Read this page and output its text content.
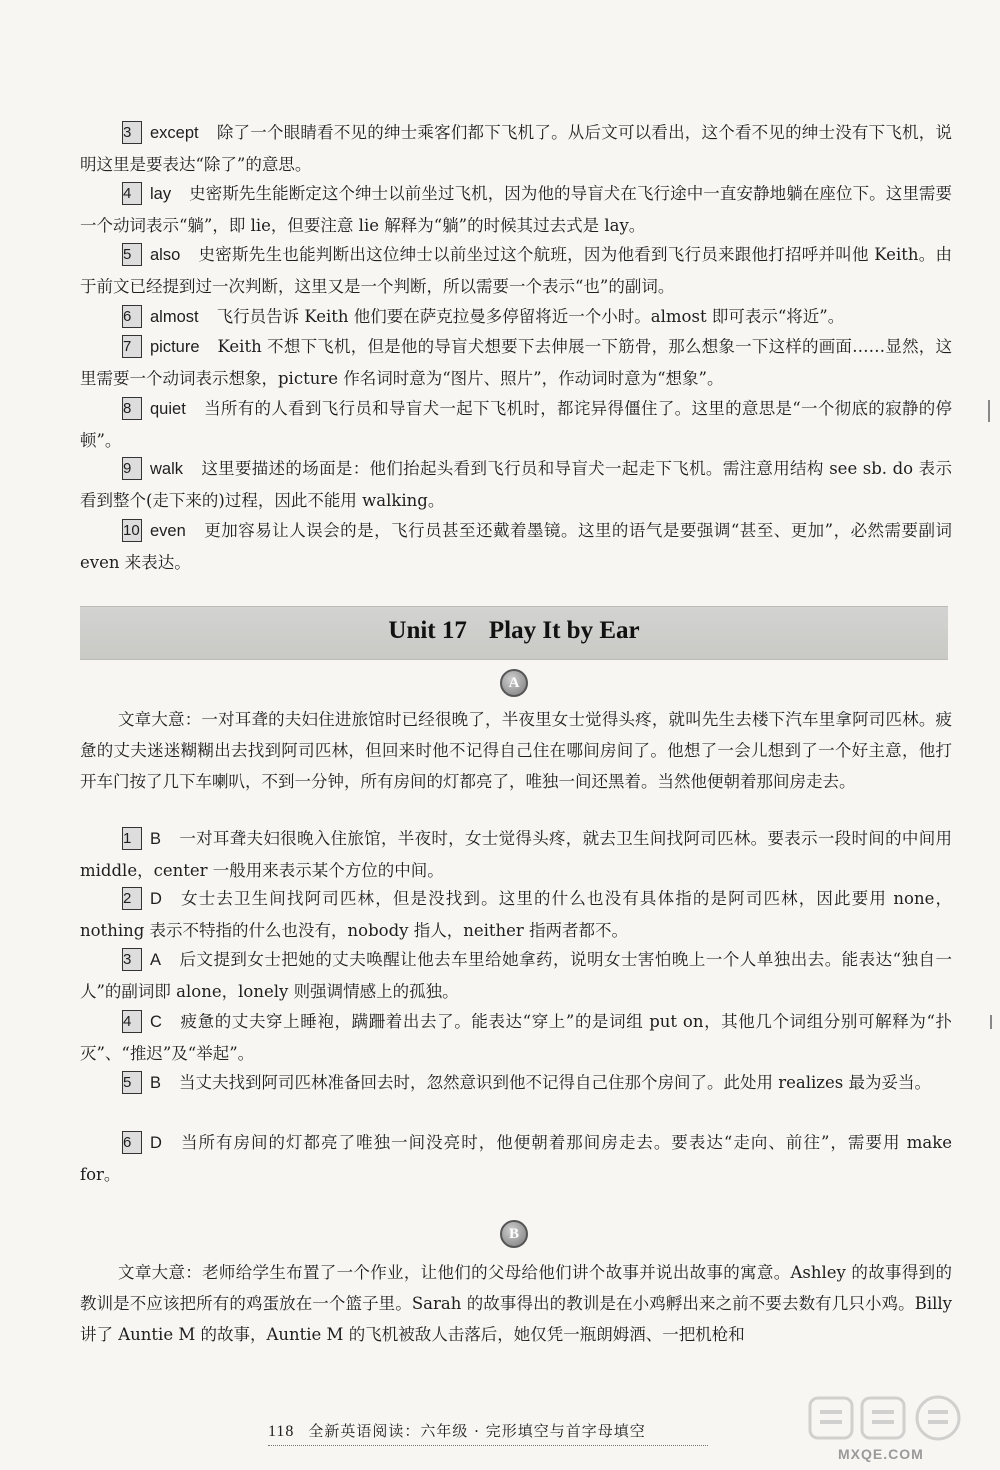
3 except 除了一个眼睛看不见的绅士乘客们都下飞机了。从后文可以看出，这个看不见的绅士没有下飞机，说明这里是要表达“除了”的意思。

4 lay 史密斯先生能断定这个绅士以前坐过飞机，因为他的导盲犬在飞行途中一直安静地躺在座位下。这里需要一个动词表示“躺”，即 lie，但要注意 lie 解释为“躺”的时候其过去式是 lay。

5 also 史密斯先生也能判断出这位绅士以前坐过这个航班，因为他看到飞行员来跟他打招呼并叫他 Keith。由于前文已经提到过一次判断，这里又是一个判断，所以需要一个表示“也”的副词。

6 almost 飞行员告诉 Keith 他们要在萨克拉曼多停留将近一个小时。almost 即可表示“将近”。

7 picture Keith 不想下飞机，但是他的导盲犬想要下去伸展一下筋骨，那么想象一下这样的画面……显然，这里需要一个动词表示想象，picture 作名词时意为“图片、照片”，作动词时意为“想象”。

8 quiet 当所有的人看到飞行员和导盲犬一起下飞机时，都诧异得僵住了。这里的意思是“一个彻底的寂静的停顿”。

9 walk 这里要描述的场面是：他们抬起头看到飞行员和导盲犬一起走下飞机。需注意用结构 see sb. do 表示看到整个(走下来的)过程，因此不能用 walking。

10 even 更加容易让人误会的是，飞行员甚至还戴着墨镜。这里的语气是要强调“甚至、更加”，必然需要副词 even 来表达。

Unit 17 Play It by Ear
A

文章大意：一对耳聋的夫妇住进旅馆时已经很晚了，半夜里女士觉得头疼，就叫先生去楼下汽车里拿阿司匹林。疲惫的丈夫迷迷糊糊出去找到阿司匹林，但回来时他不记得自己住在哪间房间了。他想了一会儿想到了一个好主意，他打开车门按了几下车喇叭，不到一分钟，所有房间的灯都亮了，唯独一间还黑着。当然他便朝着那间房走去。

1 B 一对耳聋夫妇很晚入住旅馆，半夜时，女士觉得头疼，就去卫生间找阿司匹林。要表示一段时间的中间用 middle，center 一般用来表示某个方位的中间。

2 D 女士去卫生间找阿司匹林，但是没找到。这里的什么也没有具体指的是阿司匹林，因此要用 none，nothing 表示不特指的什么也没有，nobody 指人，neither 指两者都不。

3 A 后文提到女士把她的丈夫唤醒让他去车里给她拿药，说明女士害怕晚上一个人单独出去。能表达“独自一人”的副词即 alone，lonely 则强调情感上的孤独。

4 C 疲惫的丈夫穿上睡袍，蹒跚着出去了。能表达“穿上”的是词组 put on，其他几个词组分别可解释为“扑灭”、“推迟”及“举起”。

5 B 当丈夫找到阿司匹林准备回去时，忽然意识到他不记得自己住那个房间了。此处用 realizes 最为妥当。

6 D 当所有房间的灯都亮了唯独一间没亮时，他便朝着那间房走去。要表达“走向、前往”，需要用 make for。

B

文章大意：老师给学生布置了一个作业，让他们的父母给他们讲个故事并说出故事的寓意。Ashley 的故事得到的教训是不应该把所有的鸡蛋放在一个篮子里。Sarah 的故事得出的教训是在小鸡孵出来之前不要去数有几只小鸡。Billy 讲了 Auntie M 的故事，Auntie M 的飞机被敌人击落后，她仅凭一瓶朗姆酒、一把机枪和

118 全新英语阅读：六年级 · 完形填空与首字母填空
MXQE.COM
